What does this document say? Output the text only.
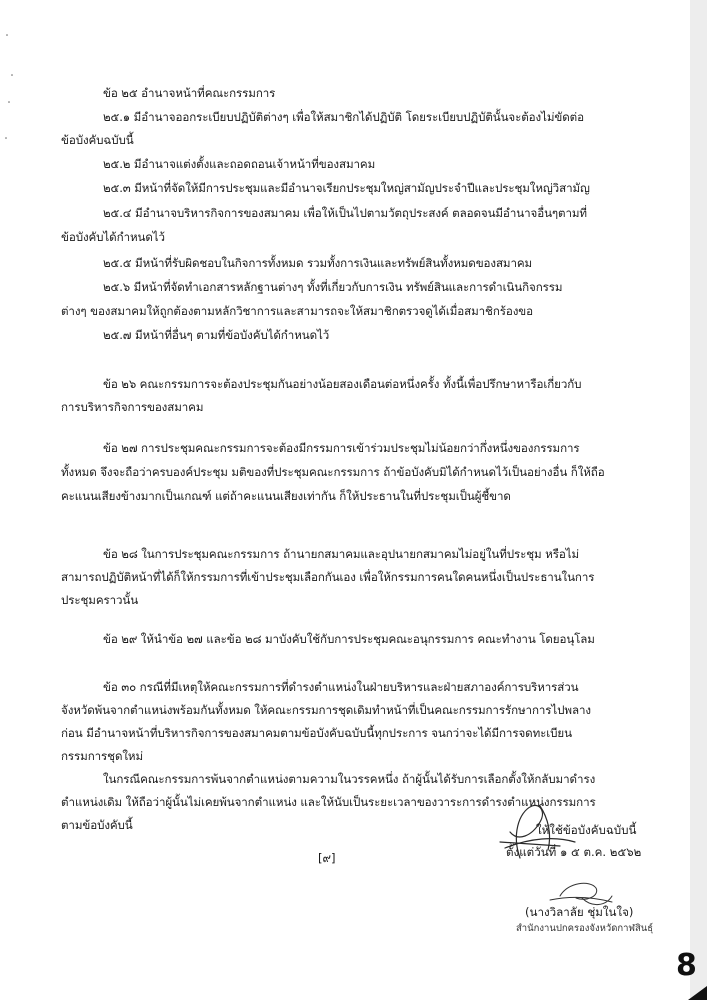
ข้อ ๒๕ อำนาจหน้าที่คณะกรรมการ
๒๕.๑ มีอำนาจออกระเบียบปฏิบัติต่างๆ เพื่อให้สมาชิกได้ปฏิบัติ โดยระเบียบปฏิบัตินั้นจะต้องไม่ขัดต่อ
ข้อบังคับฉบับนี้
๒๕.๒ มีอำนาจแต่งตั้งและถอดถอนเจ้าหน้าที่ของสมาคม
๒๕.๓ มีหน้าที่จัดให้มีการประชุมและมีอำนาจเรียกประชุมใหญ่สามัญประจำปีและประชุมใหญ่วิสามัญ
๒๕.๔ มีอำนาจบริหารกิจการของสมาคม เพื่อให้เป็นไปตามวัตถุประสงค์ ตลอดจนมีอำนาจอื่นๆตามที่
ข้อบังคับได้กำหนดไว้
๒๕.๕ มีหน้าที่รับผิดชอบในกิจการทั้งหมด รวมทั้งการเงินและทรัพย์สินทั้งหมดของสมาคม
๒๕.๖ มีหน้าที่จัดทำเอกสารหลักฐานต่างๆ ทั้งที่เกี่ยวกับการเงิน ทรัพย์สินและการดำเนินกิจกรรม
ต่างๆ ของสมาคมให้ถูกต้องตามหลักวิชาการและสามารถจะให้สมาชิกตรวจดูได้เมื่อสมาชิกร้องขอ
๒๕.๗ มีหน้าที่อื่นๆ ตามที่ข้อบังคับได้กำหนดไว้
ข้อ ๒๖ คณะกรรมการจะต้องประชุมกันอย่างน้อยสองเดือนต่อหนึ่งครั้ง ทั้งนี้เพื่อปรึกษาหารือเกี่ยวกับ
การบริหารกิจการของสมาคม
ข้อ ๒๗ การประชุมคณะกรรมการจะต้องมีกรรมการเข้าร่วมประชุมไม่น้อยกว่ากึ่งหนึ่งของกรรมการ
ทั้งหมด จึงจะถือว่าครบองค์ประชุม มติของที่ประชุมคณะกรรมการ ถ้าข้อบังคับมิได้กำหนดไว้เป็นอย่างอื่น ก็ให้ถือ
คะแนนเสียงข้างมากเป็นเกณฑ์ แต่ถ้าคะแนนเสียงเท่ากัน ก็ให้ประธานในที่ประชุมเป็นผู้ชี้ขาด
ข้อ ๒๘ ในการประชุมคณะกรรมการ ถ้านายกสมาคมและอุปนายกสมาคมไม่อยู่ในที่ประชุม หรือไม่
สามารถปฏิบัติหน้าที่ได้ก็ให้กรรมการที่เข้าประชุมเลือกกันเอง เพื่อให้กรรมการคนใดคนหนึ่งเป็นประธานในการ
ประชุมคราวนั้น
ข้อ ๒๙ ให้นำข้อ ๒๗ และข้อ ๒๘ มาบังคับใช้กับการประชุมคณะอนุกรรมการ คณะทำงาน โดยอนุโลม
ข้อ ๓๐ กรณีที่มีเหตุให้คณะกรรมการที่ดำรงตำแหน่งในฝ่ายบริหารและฝ่ายสภาองค์การบริหารส่วน
จังหวัดพ้นจากตำแหน่งพร้อมกันทั้งหมด ให้คณะกรรมการชุดเดิมทำหน้าที่เป็นคณะกรรมการรักษาการไปพลาง
ก่อน มีอำนาจหน้าที่บริหารกิจการของสมาคมตามข้อบังคับฉบับนี้ทุกประการ จนกว่าจะได้มีการจดทะเบียน
กรรมการชุดใหม่
ในกรณีคณะกรรมการพ้นจากตำแหน่งตามความในวรรคหนึ่ง ถ้าผู้นั้นได้รับการเลือกตั้งให้กลับมาดำรง
ตำแหน่งเดิม ให้ถือว่าผู้นั้นไม่เคยพ้นจากตำแหน่ง และให้นับเป็นระยะเวลาของวาระการดำรงตำแหน่งกรรมการ
ตามข้อบังคับนี้
[๙]
ให้ใช้ข้อบังคับฉบับนี้
ตั้งแต่วันที่ ๑ ๕ ต.ค. ๒๕๖๒
(นางวิลาลัย ชุ่มในใจ)
สำนักงานปกครองจังหวัดกาฬสินธุ์
8
